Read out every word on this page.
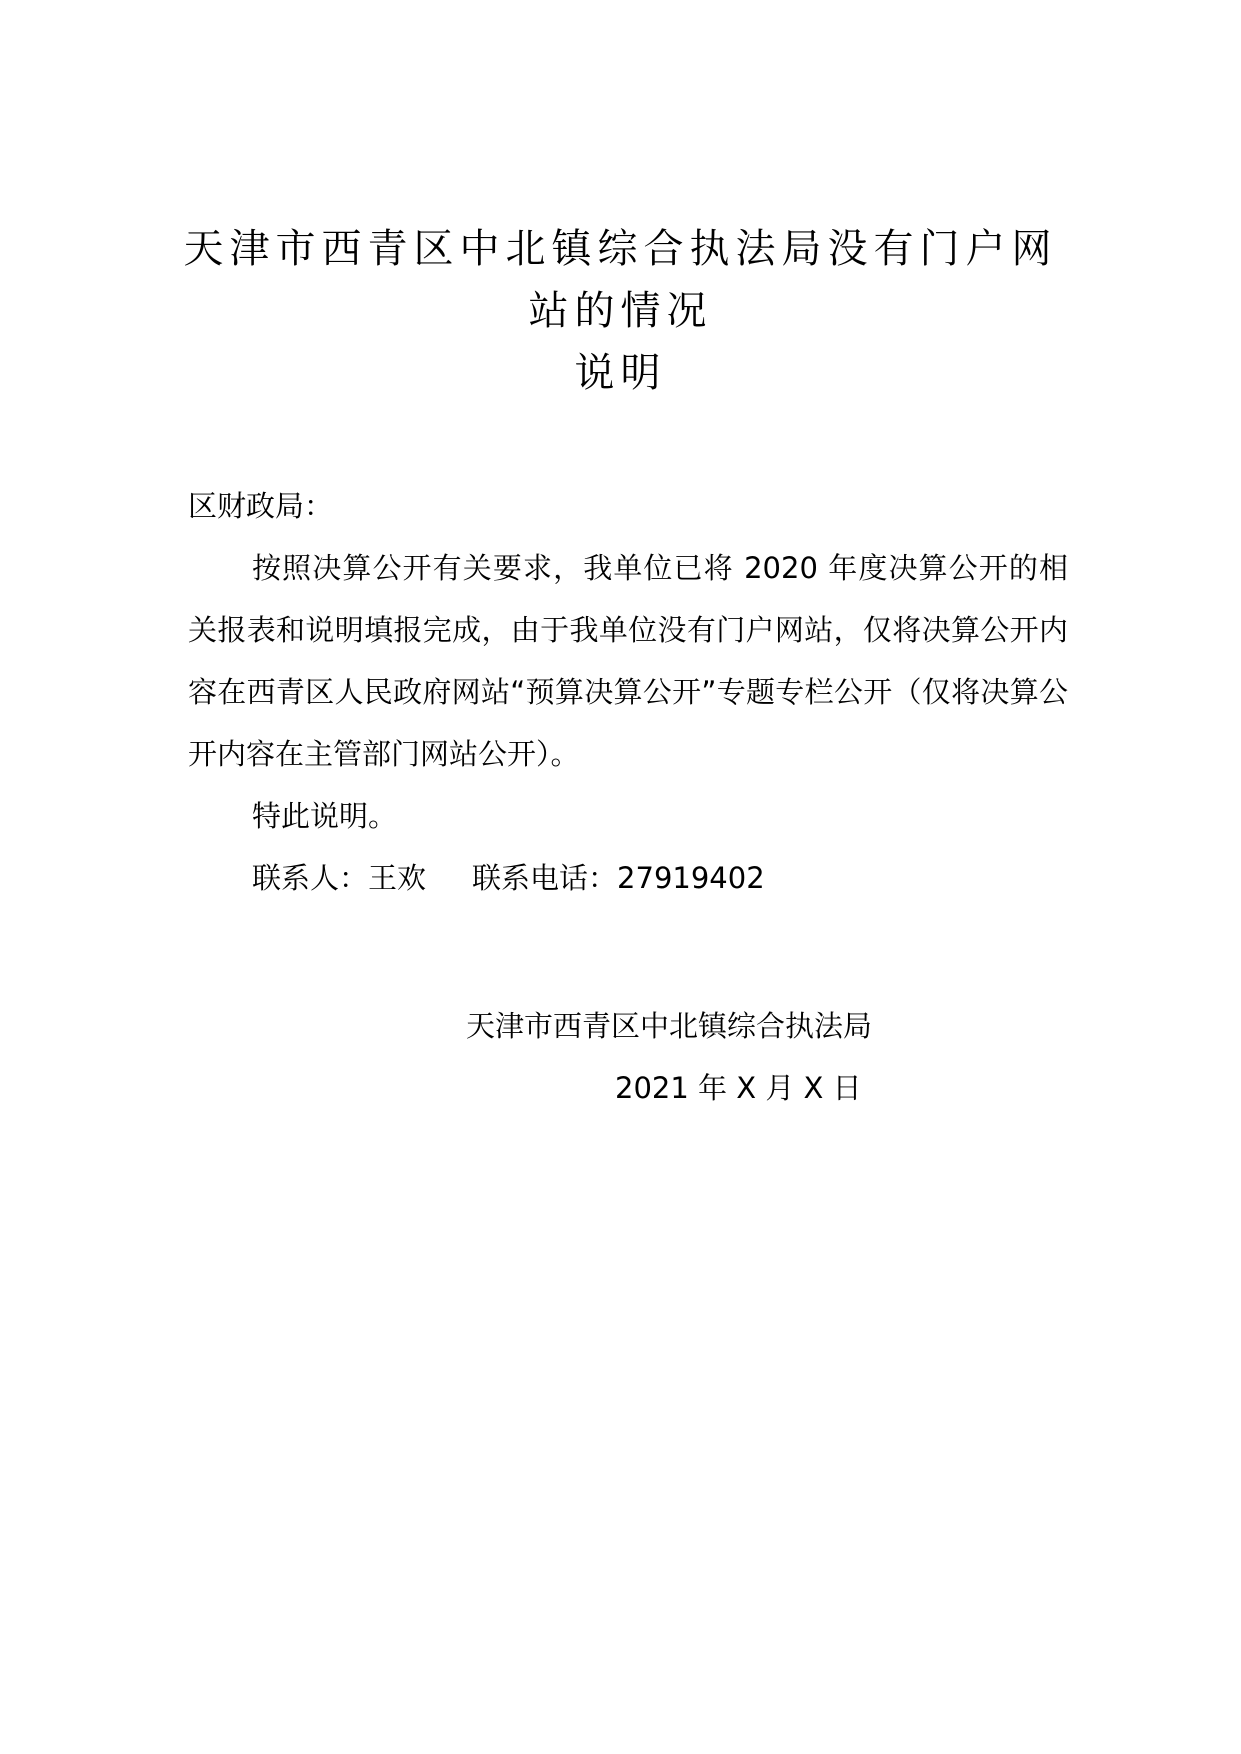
天津市西青区中北镇综合执法局没有门户网
站的情况
说明
区财政局：
按照决算公开有关要求，我单位已将 2020 年度决算公开的相关报表和说明填报完成，由于我单位没有门户网站，仅将决算公开内容在西青区人民政府网站“预算决算公开”专题专栏公开（仅将决算公开内容在主管部门网站公开）。
特此说明。
联系人：王欢 联系电话：27919402
天津市西青区中北镇综合执法局
2021 年 X 月 X 日
